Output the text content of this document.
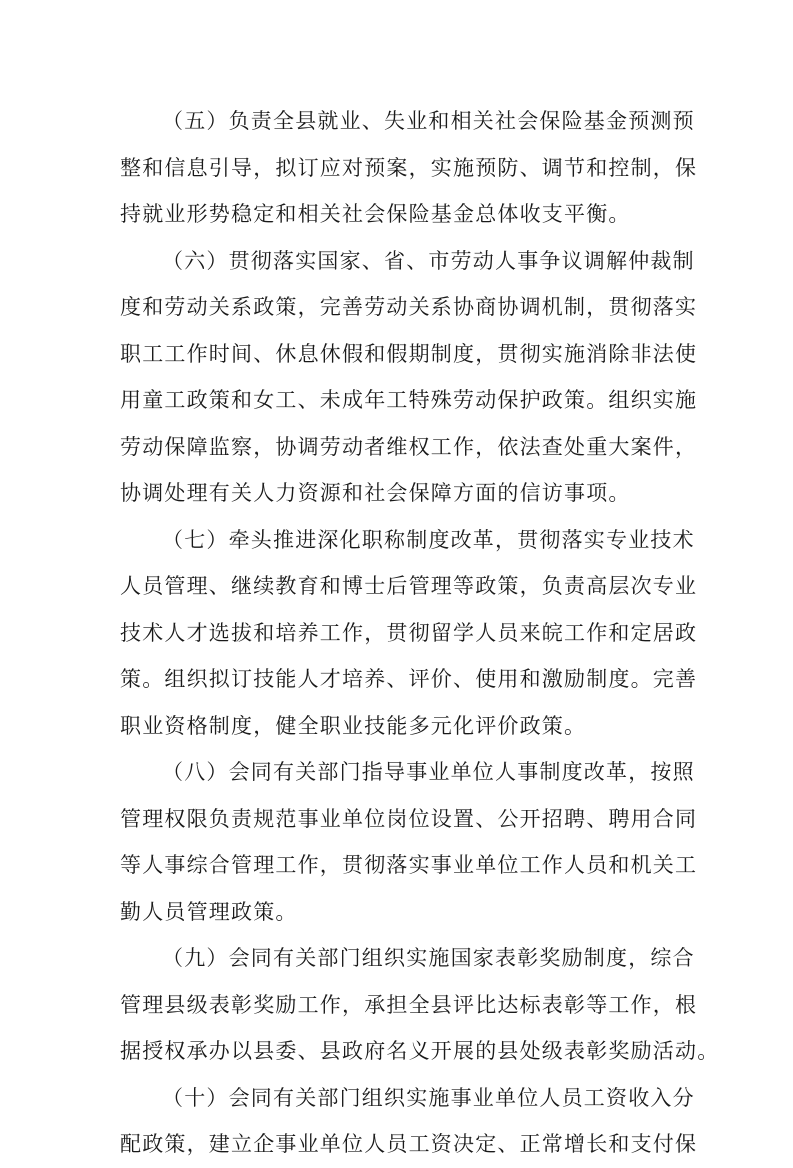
（五）负责全县就业、失业和相关社会保险基金预测预
整和信息引导，拟订应对预案，实施预防、调节和控制，保
持就业形势稳定和相关社会保险基金总体收支平衡。
（六）贯彻落实国家、省、市劳动人事争议调解仲裁制
度和劳动关系政策，完善劳动关系协商协调机制，贯彻落实
职工工作时间、休息休假和假期制度，贯彻实施消除非法使
用童工政策和女工、未成年工特殊劳动保护政策。组织实施
劳动保障监察，协调劳动者维权工作，依法查处重大案件，
协调处理有关人力资源和社会保障方面的信访事项。
（七）牵头推进深化职称制度改革，贯彻落实专业技术
人员管理、继续教育和博士后管理等政策，负责高层次专业
技术人才选拔和培养工作，贯彻留学人员来皖工作和定居政
策。组织拟订技能人才培养、评价、使用和激励制度。完善
职业资格制度，健全职业技能多元化评价政策。
（八）会同有关部门指导事业单位人事制度改革，按照
管理权限负责规范事业单位岗位设置、公开招聘、聘用合同
等人事综合管理工作，贯彻落实事业单位工作人员和机关工
勤人员管理政策。
（九）会同有关部门组织实施国家表彰奖励制度，综合
管理县级表彰奖励工作，承担全县评比达标表彰等工作，根
据授权承办以县委、县政府名义开展的县处级表彰奖励活动。
（十）会同有关部门组织实施事业单位人员工资收入分
配政策，建立企事业单位人员工资决定、正常增长和支付保
